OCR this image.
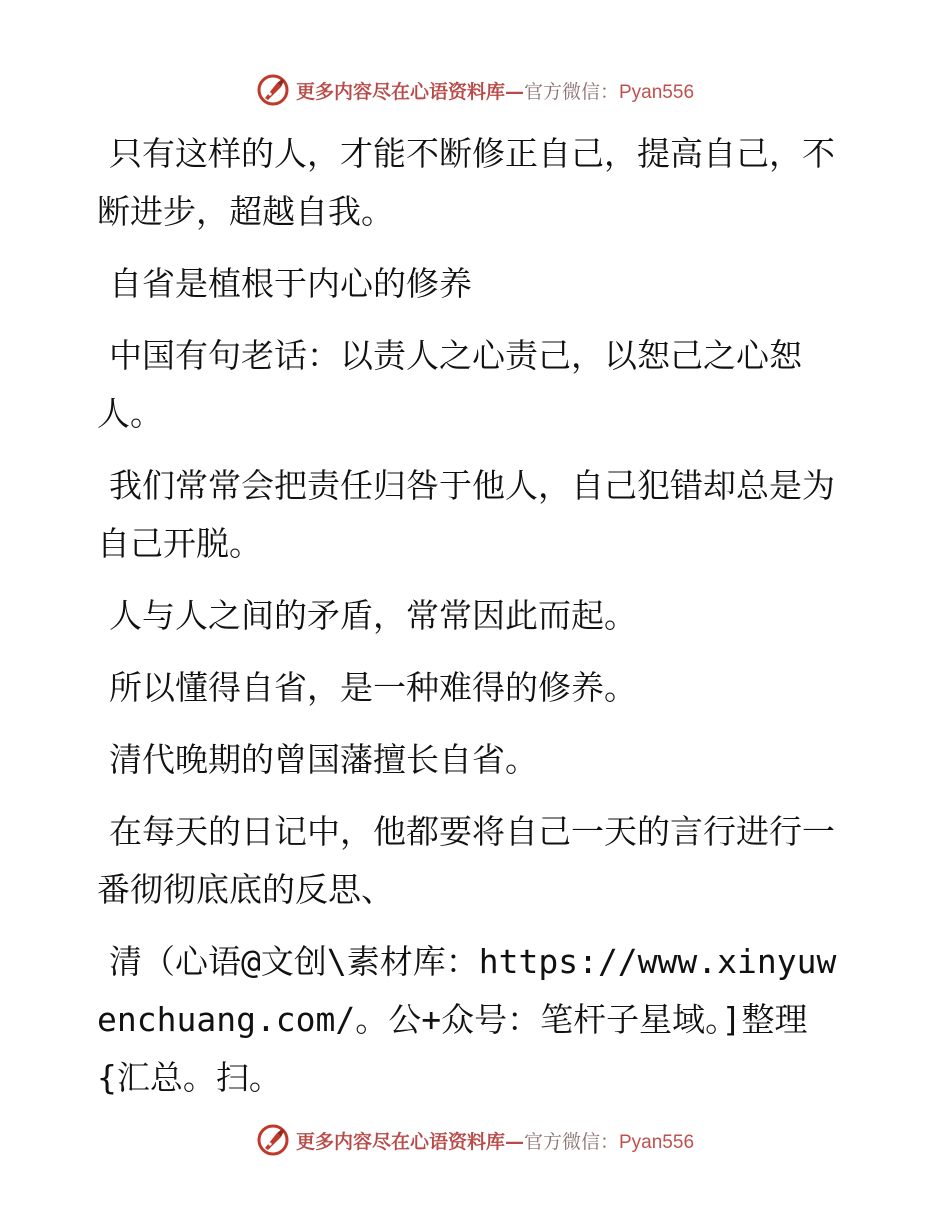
更多内容尽在心语资料库—官方微信：Pyan556

只有这样的人，才能不断修正自己，提高自己，不断进步，超越自我。

自省是植根于内心的修养

中国有句老话：以责人之心责己，以恕己之心恕人。

我们常常会把责任归咎于他人，自己犯错却总是为自己开脱。

人与人之间的矛盾，常常因此而起。

所以懂得自省，是一种难得的修养。

清代晚期的曾国藩擅长自省。

在每天的日记中，他都要将自己一天的言行进行一番彻彻底底的反思、

清（心语@文创\素材库：https://www.xinyuwenchuang.com/。公+众号：笔杆子星域。]整理{汇总。扫。

更多内容尽在心语资料库—官方微信：Pyan556
